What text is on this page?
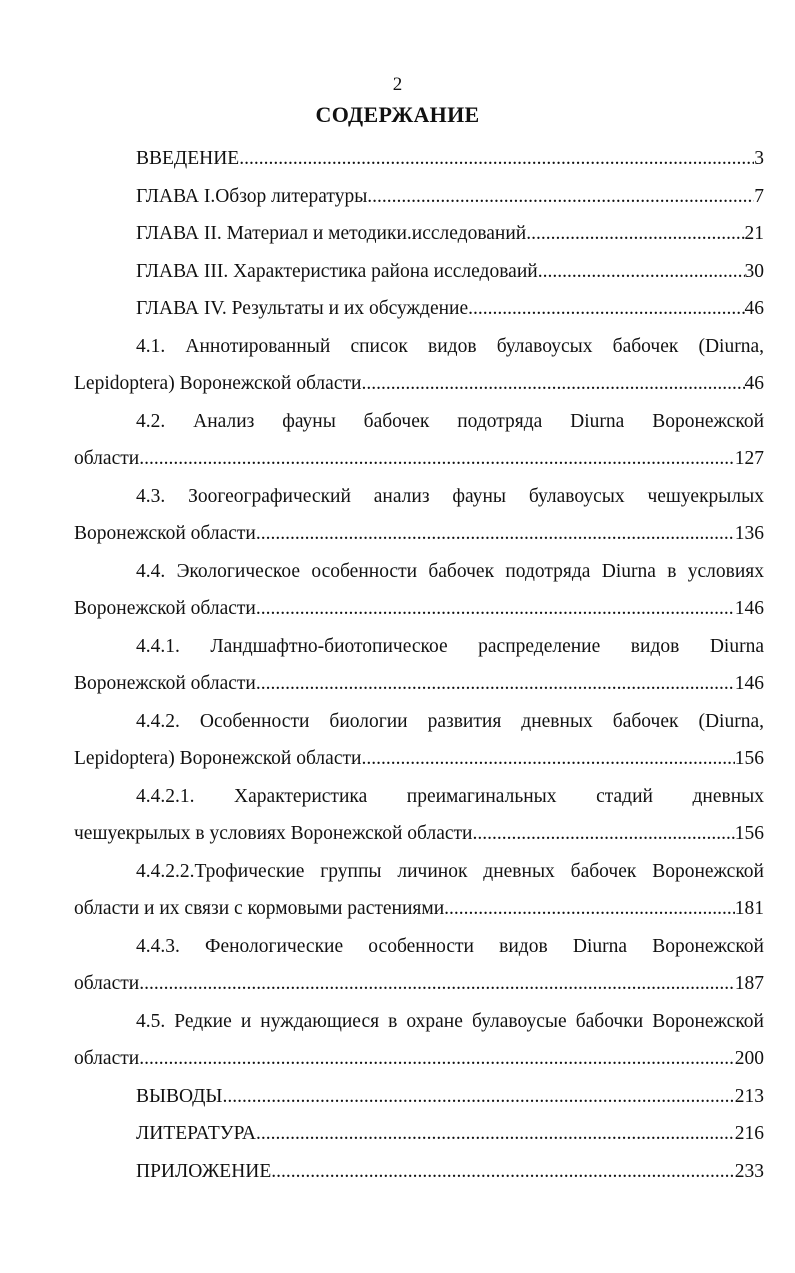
2
СОДЕРЖАНИЕ
ВВЕДЕНИЕ .....	3
ГЛАВА I.Обзор литературы .....	7
ГЛАВА II. Материал и методики.исследований .....	21
ГЛАВА III. Характеристика района исследоваий .....	30
ГЛАВА IV. Результаты и их обсуждение .....	46
4.1. Аннотированный список видов булавоусых бабочек (Diurna,
Lepidoptera) Воронежской области .....	46
4.2. Анализ фауны бабочек подотряда Diurna Воронежской
области .....	127
4.3. Зоогеографический анализ фауны булавоусых чешуекрылых
Воронежской области .....	136
4.4. Экологическое особенности бабочек подотряда Diurna в условиях
Воронежской области .....	146
4.4.1. Ландшафтно-биотопическое распределение видов Diurna
Воронежской области .....	146
4.4.2. Особенности биологии развития дневных бабочек (Diurna,
Lepidoptera) Воронежской области .....	156
4.4.2.1. Характеристика преимагинальных стадий дневных
чешуекрылых в условиях Воронежской области .....	156
4.4.2.2.Трофические группы личинок дневных бабочек Воронежской
области и их связи с кормовыми растениями .....	181
4.4.3. Фенологические особенности видов Diurna Воронежской
области .....	187
4.5. Редкие и нуждающиеся в охране булавоусые бабочки Воронежской
области .....	200
ВЫВОДЫ .....	213
ЛИТЕРАТУРА .....	216
ПРИЛОЖЕНИЕ .....	233
